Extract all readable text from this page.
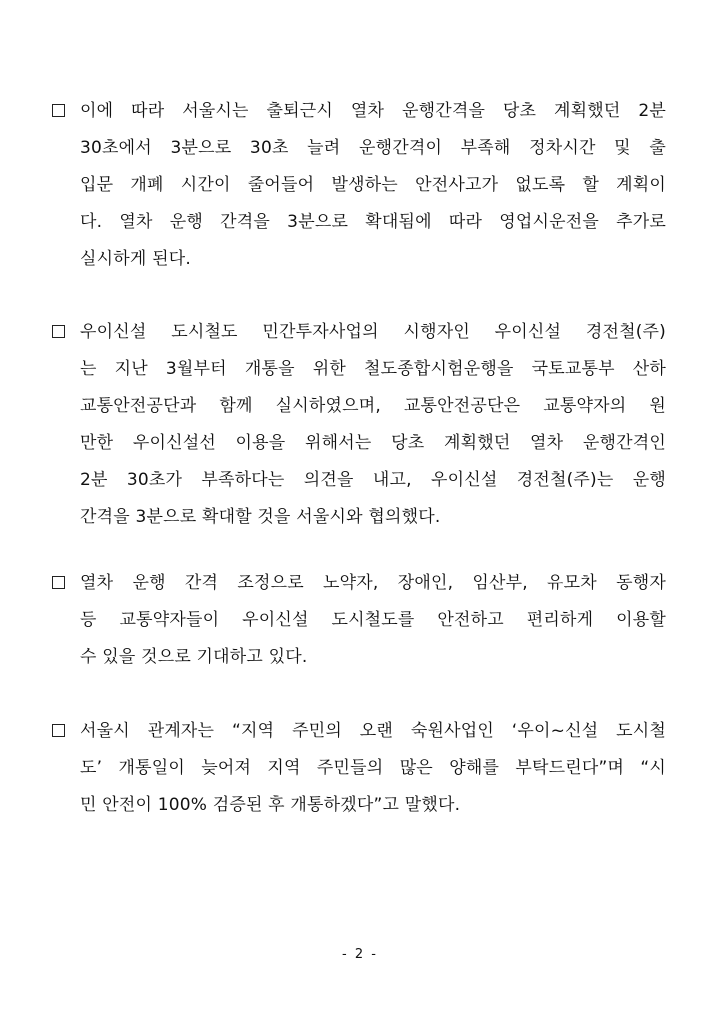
이에 따라 서울시는 출퇴근시 열차 운행간격을 당초 계획했던 2분
30초에서 3분으로 30초 늘려 운행간격이 부족해 정차시간 및 출
입문 개폐 시간이 줄어들어 발생하는 안전사고가 없도록 할 계획이
다. 열차 운행 간격을 3분으로 확대됨에 따라 영업시운전을 추가로
실시하게 된다.
우이신설 도시철도 민간투자사업의 시행자인 우이신설 경전철(주)
는 지난 3월부터 개통을 위한 철도종합시험운행을 국토교통부 산하
교통안전공단과 함께 실시하였으며, 교통안전공단은 교통약자의 원
만한 우이신설선 이용을 위해서는 당초 계획했던 열차 운행간격인
2분 30초가 부족하다는 의견을 내고, 우이신설 경전철(주)는 운행
간격을 3분으로 확대할 것을 서울시와 협의했다.
열차 운행 간격 조정으로 노약자, 장애인, 임산부, 유모차 동행자
등 교통약자들이 우이신설 도시철도를 안전하고 편리하게 이용할
수 있을 것으로 기대하고 있다.
서울시 관계자는 “지역 주민의 오랜 숙원사업인 ‘우이~신설 도시철
도’ 개통일이 늦어져 지역 주민들의 많은 양해를 부탁드린다”며 “시
민 안전이 100% 검증된 후 개통하겠다”고 말했다.
- 2 -
